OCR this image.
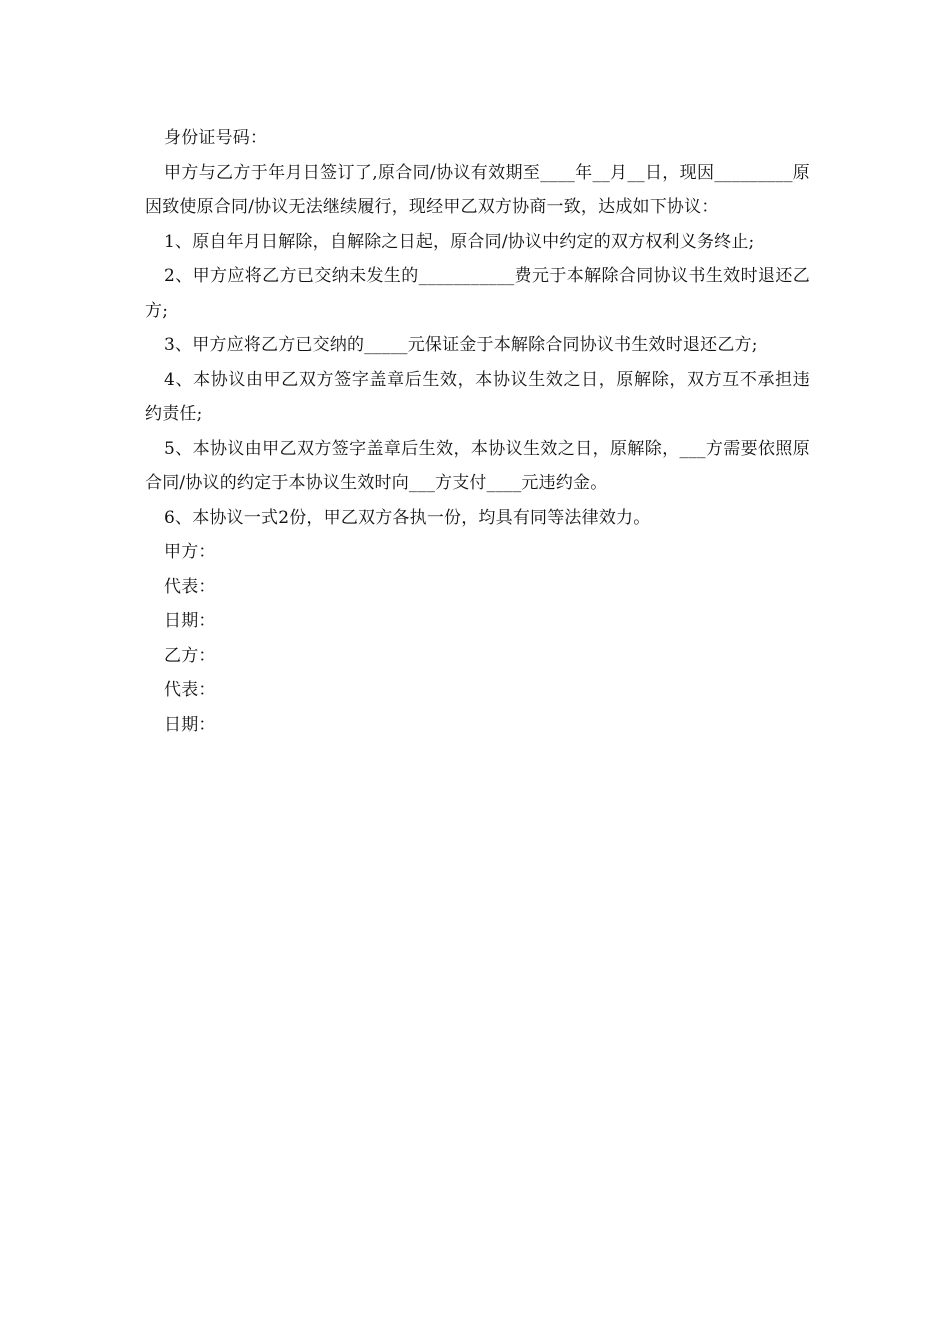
身份证号码：

甲方与乙方于年月日签订了,原合同/协议有效期至____年__月__日，现因_________原因致使原合同/协议无法继续履行，现经甲乙双方协商一致，达成如下协议：

1、原自年月日解除，自解除之日起，原合同/协议中约定的双方权利义务终止;

2、甲方应将乙方已交纳未发生的___________费元于本解除合同协议书生效时退还乙方;

3、甲方应将乙方已交纳的_____元保证金于本解除合同协议书生效时退还乙方;

4、本协议由甲乙双方签字盖章后生效，本协议生效之日，原解除，双方互不承担违约责任;

5、本协议由甲乙双方签字盖章后生效，本协议生效之日，原解除，___方需要依照原合同/协议的约定于本协议生效时向___方支付____元违约金。

6、本协议一式2份，甲乙双方各执一份，均具有同等法律效力。

甲方：

代表：

日期：

乙方：

代表：

日期：
